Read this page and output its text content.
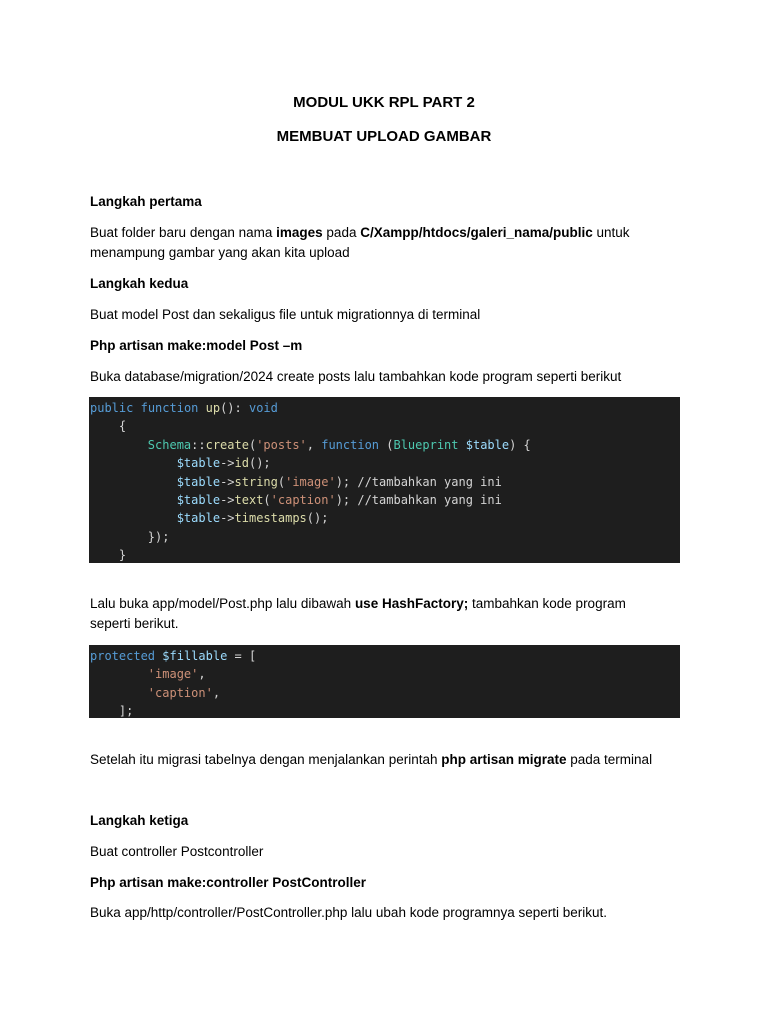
MODUL UKK RPL PART 2
MEMBUAT UPLOAD GAMBAR
Langkah pertama
Buat folder baru dengan nama images pada C/Xampp/htdocs/galeri_nama/public untuk
menampung gambar yang akan kita upload
Langkah kedua
Buat model Post dan sekaligus file untuk migrationnya di terminal
Php artisan make:model Post –m
Buka database/migration/2024 create posts lalu tambahkan kode program seperti berikut
public function up(): void
{
Schema::create('posts', function (Blueprint $table) {
$table->id();
$table->string('image'); //tambahkan yang ini
$table->text('caption'); //tambahkan yang ini
$table->timestamps();
});
}
Lalu buka app/model/Post.php lalu dibawah use HashFactory; tambahkan kode program
seperti berikut.
protected $fillable = [
'image',
'caption',
];
Setelah itu migrasi tabelnya dengan menjalankan perintah php artisan migrate pada terminal
Langkah ketiga
Buat controller Postcontroller
Php artisan make:controller PostController
Buka app/http/controller/PostController.php lalu ubah kode programnya seperti berikut.
